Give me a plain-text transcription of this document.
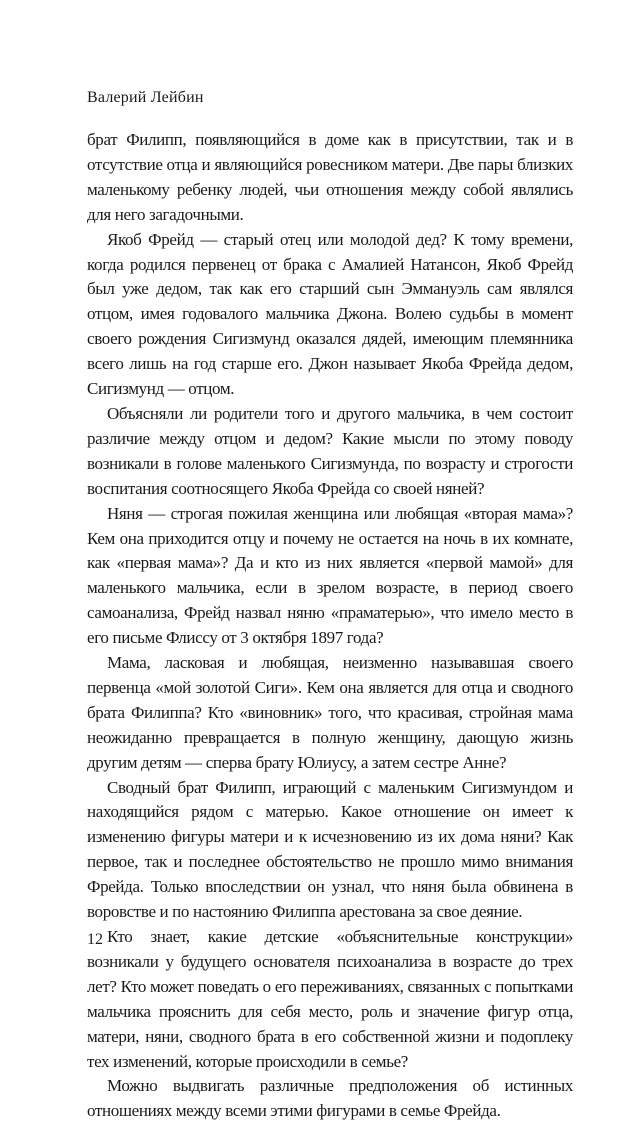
Валерий Лейбин

брат Филипп, появляющийся в доме как в присутствии, так и в отсутствие отца и являющийся ровесником матери. Две пары близких маленькому ребенку людей, чьи отношения между собой являлись для него загадочными.

Якоб Фрейд — старый отец или молодой дед? К тому времени, когда родился первенец от брака с Амалией Натансон, Якоб Фрейд был уже дедом, так как его старший сын Эммануэль сам являлся отцом, имея годовалого мальчика Джона. Волею судьбы в момент своего рождения Сигизмунд оказался дядей, имеющим племянника всего лишь на год старше его. Джон называет Якоба Фрейда дедом, Сигизмунд — отцом.

Объясняли ли родители того и другого мальчика, в чем состоит различие между отцом и дедом? Какие мысли по этому поводу возникали в голове маленького Сигизмунда, по возрасту и строгости воспитания соотносящего Якоба Фрейда со своей няней?

Няня — строгая пожилая женщина или любящая «вторая мама»? Кем она приходится отцу и почему не остается на ночь в их комнате, как «первая мама»? Да и кто из них является «первой мамой» для маленького мальчика, если в зрелом возрасте, в период своего самоанализа, Фрейд назвал няню «праматерью», что имело место в его письме Флиссу от 3 октября 1897 года?

Мама, ласковая и любящая, неизменно называвшая своего первенца «мой золотой Сиги». Кем она является для отца и сводного брата Филиппа? Кто «виновник» того, что красивая, стройная мама неожиданно превращается в полную женщину, дающую жизнь другим детям — сперва брату Юлиусу, а затем сестре Анне?

Сводный брат Филипп, играющий с маленьким Сигизмундом и находящийся рядом с матерью. Какое отношение он имеет к изменению фигуры матери и к исчезновению из их дома няни? Как первое, так и последнее обстоятельство не прошло мимо внимания Фрейда. Только впоследствии он узнал, что няня была обвинена в воровстве и по настоянию Филиппа арестована за свое деяние.

Кто знает, какие детские «объяснительные конструкции» возникали у будущего основателя психоанализа в возрасте до трех лет? Кто может поведать о его переживаниях, связанных с попытками мальчика прояснить для себя место, роль и значение фигур отца, матери, няни, сводного брата в его собственной жизни и подоплеку тех изменений, которые происходили в семье?

Можно выдвигать различные предположения об истинных отношениях между всеми этими фигурами в семье Фрейда.

12
